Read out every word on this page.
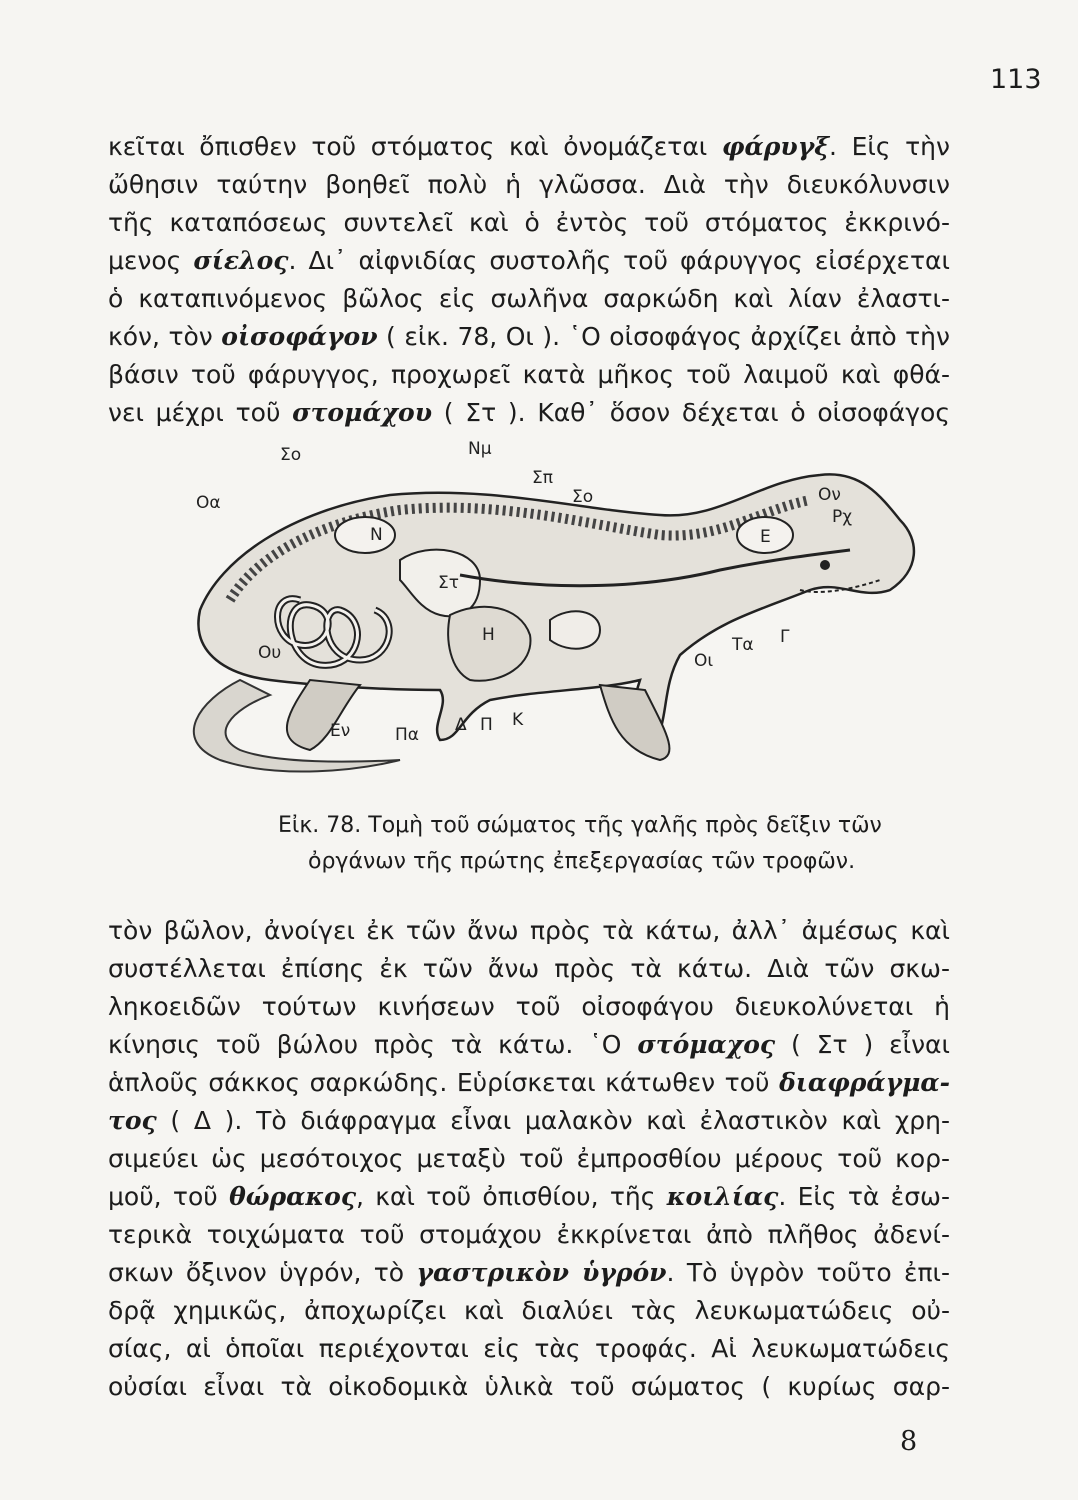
113
κεῖται ὄπισθεν τοῦ στόματος καὶ ὀνομάζεται φάρυγξ. Εἰς τὴν
ὤθησιν ταύτην βοηθεῖ πολὺ ἡ γλῶσσα. Διὰ τὴν διευκόλυνσιν
τῆς καταπόσεως συντελεῖ καὶ ὁ ἐντὸς τοῦ στόματος ἐκκρινό-
μενος σίελος. Δι᾽ αἰφνιδίας συστολῆς τοῦ φάρυγγος εἰσέρχεται
ὁ καταπινόμενος βῶλος εἰς σωλῆνα σαρκώδη καὶ λίαν ἐλαστι-
κόν, τὸν οἰσοφάγον ( εἰκ. 78, Οι ). ῾Ο οἰσοφάγος ἀρχίζει ἀπὸ τὴν
βάσιν τοῦ φάρυγγος, προχωρεῖ κατὰ μῆκος τοῦ λαιμοῦ καὶ φθά-
νει μέχρι τοῦ στομάχου ( Στ ). Καθ᾽ ὅσον δέχεται ὁ οἰσοφάγος
Σο	Νμ
Σπ
Σο
Οα
Ν
Στ
Η
Ου
Εν	Πα Δ Π Κ
Οι
Τα Γ
Ε
Ον
Ρχ
Εἰκ. 78. Τομὴ τοῦ σώματος τῆς γαλῆς πρὸς δεῖξιν τῶν
ὀργάνων τῆς πρώτης ἐπεξεργασίας τῶν τροφῶν.
τὸν βῶλον, ἀνοίγει ἐκ τῶν ἄνω πρὸς τὰ κάτω, ἀλλ᾽ ἀμέσως καὶ
συστέλλεται ἐπίσης ἐκ τῶν ἄνω πρὸς τὰ κάτω. Διὰ τῶν σκω-
ληκοειδῶν τούτων κινήσεων τοῦ οἰσοφάγου διευκολύνεται ἡ
κίνησις τοῦ βώλου πρὸς τὰ κάτω. ῾Ο στόμαχος ( Στ ) εἶναι
ἁπλοῦς σάκκος σαρκώδης. Εὑρίσκεται κάτωθεν τοῦ διαφράγμα-
τος ( Δ ). Τὸ διάφραγμα εἶναι μαλακὸν καὶ ἐλαστικὸν καὶ χρη-
σιμεύει ὡς μεσότοιχος μεταξὺ τοῦ ἐμπροσθίου μέρους τοῦ κορ-
μοῦ, τοῦ θώρακος, καὶ τοῦ ὀπισθίου, τῆς κοιλίας. Εἰς τὰ ἐσω-
τερικὰ τοιχώματα τοῦ στομάχου ἐκκρίνεται ἀπὸ πλῆθος ἀδενί-
σκων ὄξινον ὑγρόν, τὸ γαστρικὸν ὑγρόν. Τὸ ὑγρὸν τοῦτο ἐπι-
δρᾷ χημικῶς, ἀποχωρίζει καὶ διαλύει τὰς λευκωματώδεις οὐ-
σίας, αἱ ὁποῖαι περιέχονται εἰς τὰς τροφάς. Αἱ λευκωματώδεις
οὐσίαι εἶναι τὰ οἰκοδομικὰ ὑλικὰ τοῦ σώματος ( κυρίως σαρ-
8
